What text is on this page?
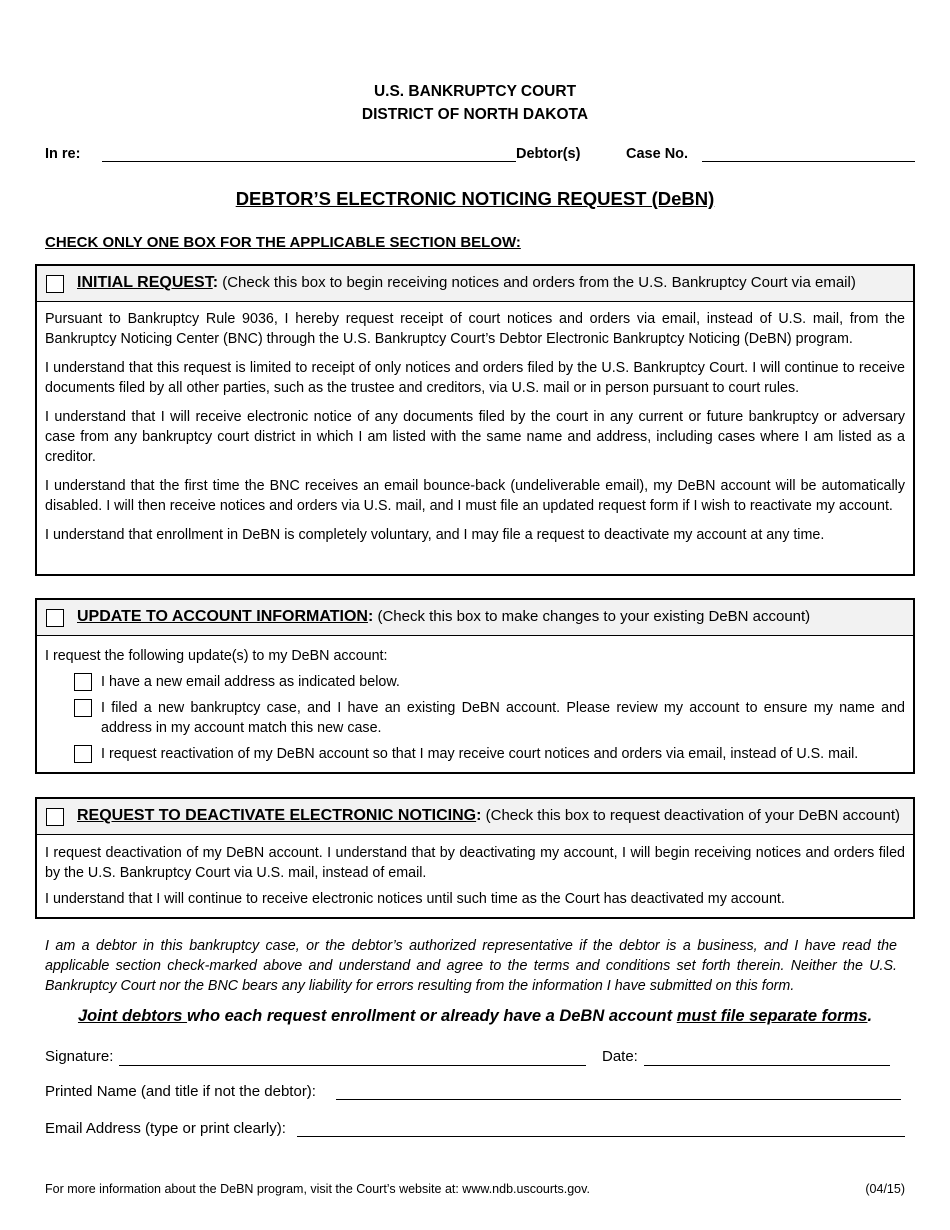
U.S. BANKRUPTCY COURT
DISTRICT OF NORTH DAKOTA
In re:	Debtor(s)	Case No.
DEBTOR’S ELECTRONIC NOTICING REQUEST (DeBN)
CHECK ONLY ONE BOX FOR THE APPLICABLE SECTION BELOW:
INITIAL REQUEST: (Check this box to begin receiving notices and orders from the U.S. Bankruptcy Court via email)

Pursuant to Bankruptcy Rule 9036, I hereby request receipt of court notices and orders via email, instead of U.S. mail, from the Bankruptcy Noticing Center (BNC) through the U.S. Bankruptcy Court’s Debtor Electronic Bankruptcy Noticing (DeBN) program.

I understand that this request is limited to receipt of only notices and orders filed by the U.S. Bankruptcy Court. I will continue to receive documents filed by all other parties, such as the trustee and creditors, via U.S. mail or in person pursuant to court rules.

I understand that I will receive electronic notice of any documents filed by the court in any current or future bankruptcy or adversary case from any bankruptcy court district in which I am listed with the same name and address, including cases where I am listed as a creditor.

I understand that the first time the BNC receives an email bounce-back (undeliverable email), my DeBN account will be automatically disabled. I will then receive notices and orders via U.S. mail, and I must file an updated request form if I wish to reactivate my account.

I understand that enrollment in DeBN is completely voluntary, and I may file a request to deactivate my account at any time.

UPDATE TO ACCOUNT INFORMATION: (Check this box to make changes to your existing DeBN account)
I request the following update(s) to my DeBN account:
I have a new email address as indicated below.
I filed a new bankruptcy case, and I have an existing DeBN account. Please review my account to ensure my name and address in my account match this new case.
I request reactivation of my DeBN account so that I may receive court notices and orders via email, instead of U.S. mail.
REQUEST TO DEACTIVATE ELECTRONIC NOTICING: (Check this box to request deactivation of your DeBN account)

I request deactivation of my DeBN account. I understand that by deactivating my account, I will begin receiving notices and orders filed by the U.S. Bankruptcy Court via U.S. mail, instead of email.

I understand that I will continue to receive electronic notices until such time as the Court has deactivated my account.

I am a debtor in this bankruptcy case, or the debtor’s authorized representative if the debtor is a business, and I have read the applicable section check-marked above and understand and agree to the terms and conditions set forth therein. Neither the U.S. Bankruptcy Court nor the BNC bears any liability for errors resulting from the information I have submitted on this form.
Joint debtors who each request enrollment or already have a DeBN account must file separate forms.
Signature:	Date:
Printed Name (and title if not the debtor):
Email Address (type or print clearly):
For more information about the DeBN program, visit the Court’s website at: www.ndb.uscourts.gov.	(04/15)
